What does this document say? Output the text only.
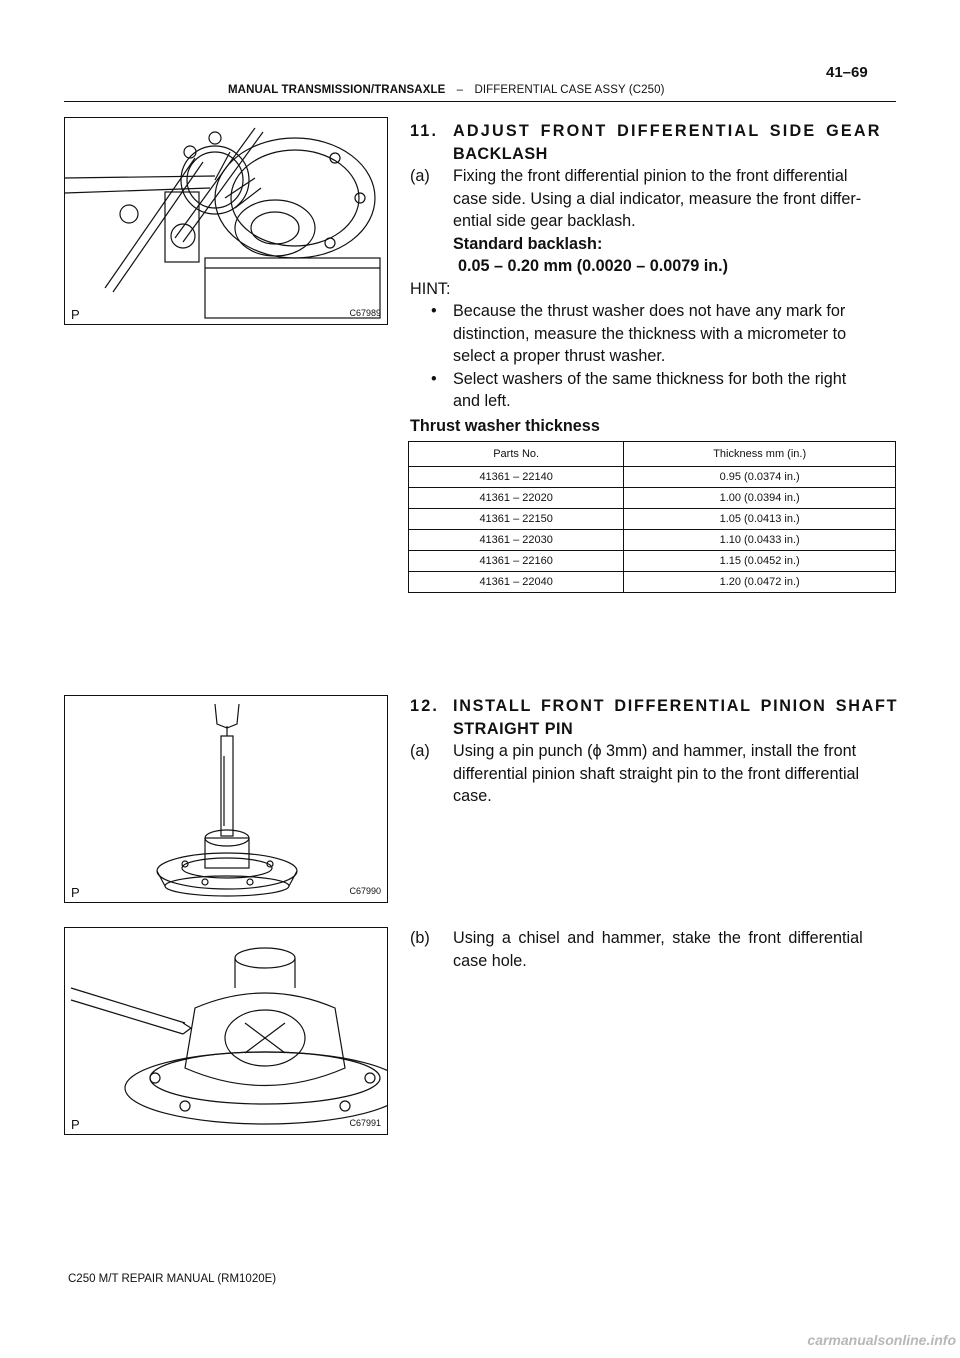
MANUAL TRANSMISSION/TRANSAXLE – DIFFERENTIAL CASE ASSY (C250)
41–69
P	C67989
P	C67990
P	C67991
11. ADJUST FRONT DIFFERENTIAL SIDE GEAR
BACKLASH
(a) Fixing the front differential pinion to the front differential
case side. Using a dial indicator, measure the front differ-
ential side gear backlash.
Standard backlash:
0.05 – 0.20 mm (0.0020 – 0.0079 in.)
HINT:
• Because the thrust washer does not have any mark for
distinction, measure the thickness with a micrometer to
select a proper thrust washer.
• Select washers of the same thickness for both the right
and left.
Thrust washer thickness
Parts No.	Thickness mm (in.)
41361 – 22140	0.95 (0.0374 in.)
41361 – 22020	1.00 (0.0394 in.)
41361 – 22150	1.05 (0.0413 in.)
41361 – 22030	1.10 (0.0433 in.)
41361 – 22160	1.15 (0.0452 in.)
41361 – 22040	1.20 (0.0472 in.)
12. INSTALL FRONT DIFFERENTIAL PINION SHAFT
STRAIGHT PIN
(a) Using a pin punch (ϕ 3mm) and hammer, install the front
differential pinion shaft straight pin to the front differential
case.
(b) Using a chisel and hammer, stake the front differential
case hole.
C250 M/T REPAIR MANUAL (RM1020E)
carmanualsonline.info
